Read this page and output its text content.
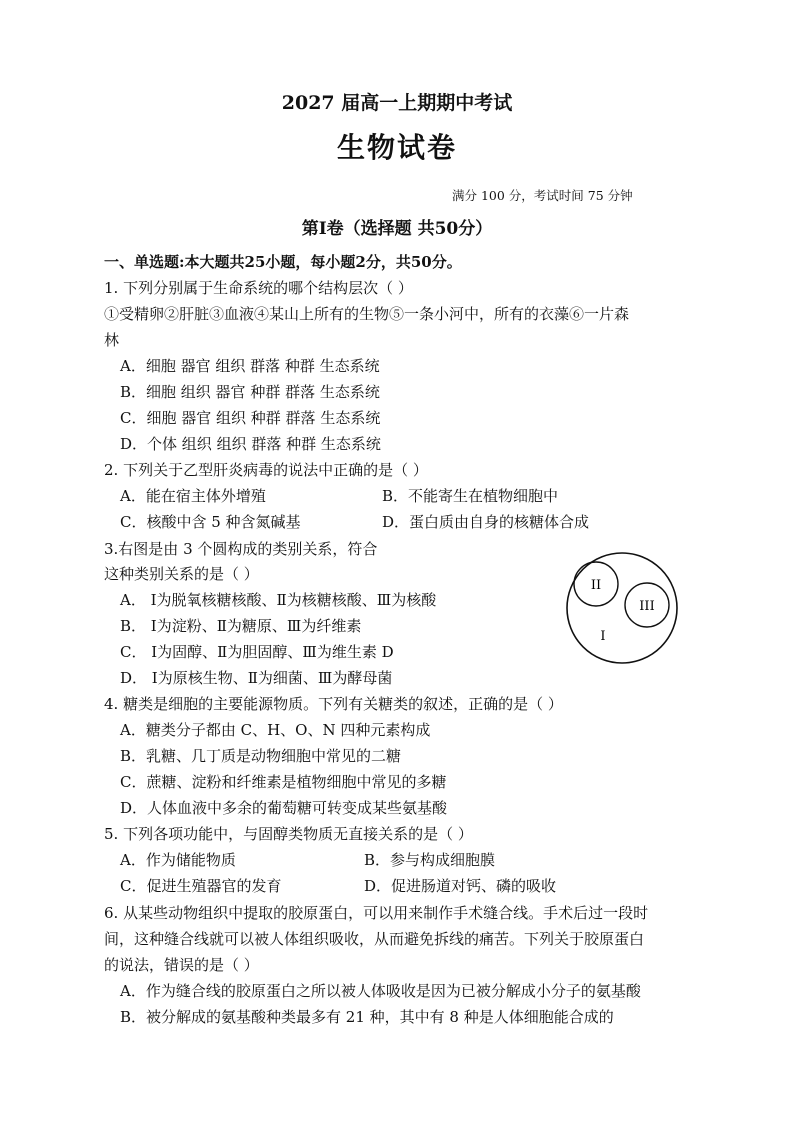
2027 届高一上期期中考试
生物试卷
满分 100 分，考试时间 75 分钟
第Ⅰ卷（选择题 共50分）
一、单选题:本大题共25小题，每小题2分，共50分。
1. 下列分别属于生命系统的哪个结构层次（ ）
①受精卵②肝脏③血液④某山上所有的生物⑤一条小河中，所有的衣藻⑥一片森
林
A．细胞 器官 组织 群落 种群 生态系统
B．细胞 组织 器官 种群 群落 生态系统
C．细胞 器官 组织 种群 群落 生态系统
D．个体 组织 组织 群落 种群 生态系统
2. 下列关于乙型肝炎病毒的说法中正确的是（ ）
A．能在宿主体外增殖	B．不能寄生在植物细胞中
C．核酸中含 5 种含氮碱基	D．蛋白质由自身的核糖体合成
3.右图是由 3 个圆构成的类别关系，符合
这种类别关系的是（ ）
A． Ⅰ为脱氧核糖核酸、Ⅱ为核糖核酸、Ⅲ为核酸
B． Ⅰ为淀粉、Ⅱ为糖原、Ⅲ为纤维素
C． Ⅰ为固醇、Ⅱ为胆固醇、Ⅲ为维生素 D
D． Ⅰ为原核生物、Ⅱ为细菌、Ⅲ为酵母菌
II
III
I
4. 糖类是细胞的主要能源物质。下列有关糖类的叙述，正确的是（ ）
A．糖类分子都由 C、H、O、N 四种元素构成
B．乳糖、几丁质是动物细胞中常见的二糖
C．蔗糖、淀粉和纤维素是植物细胞中常见的多糖
D．人体血液中多余的葡萄糖可转变成某些氨基酸
5. 下列各项功能中，与固醇类物质无直接关系的是（ ）
A．作为储能物质	B．参与构成细胞膜
C．促进生殖器官的发育	D．促进肠道对钙、磷的吸收
6. 从某些动物组织中提取的胶原蛋白，可以用来制作手术缝合线。手术后过一段时
间，这种缝合线就可以被人体组织吸收，从而避免拆线的痛苦。下列关于胶原蛋白
的说法，错误的是（ ）
A．作为缝合线的胶原蛋白之所以被人体吸收是因为已被分解成小分子的氨基酸
B．被分解成的氨基酸种类最多有 21 种，其中有 8 种是人体细胞能合成的
